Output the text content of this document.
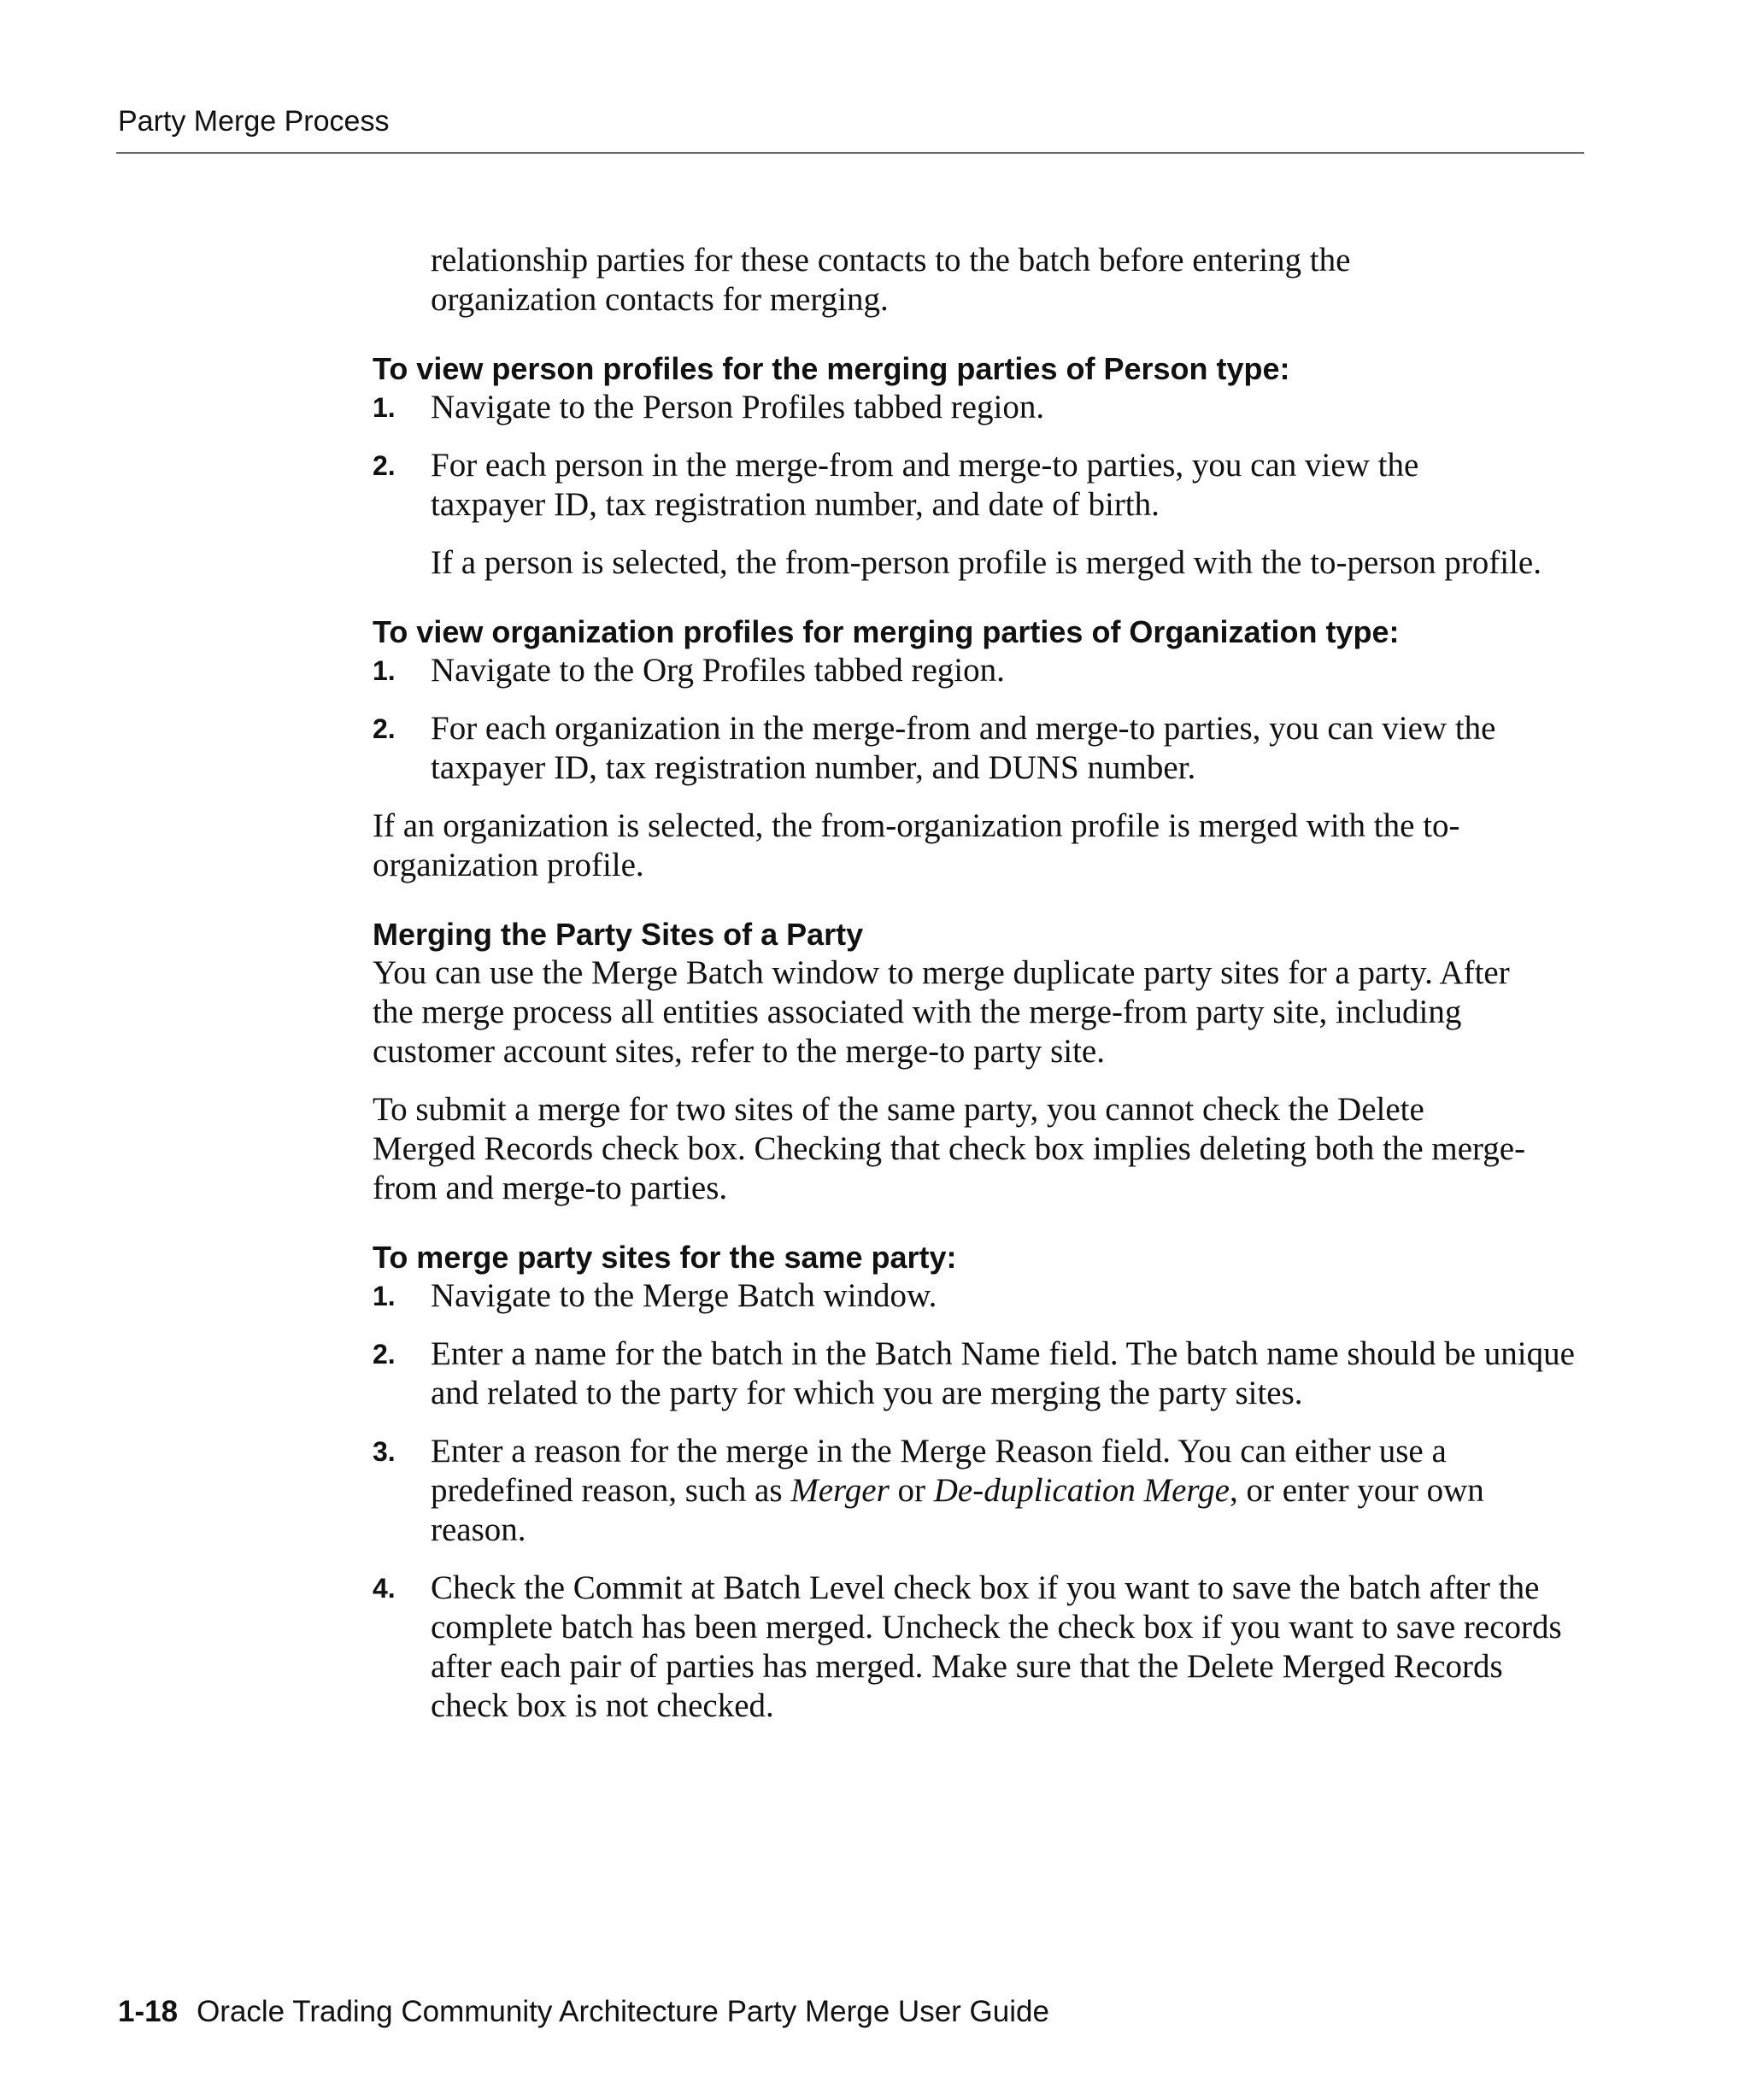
Party Merge Process

relationship parties for these contacts to the batch before entering the organization contacts for merging.

To view person profiles for the merging parties of Person type:
1.	Navigate to the Person Profiles tabbed region.
2.	For each person in the merge-from and merge-to parties, you can view the taxpayer ID, tax registration number, and date of birth.

If a person is selected, the from-person profile is merged with the to-person profile.

To view organization profiles for merging parties of Organization type:
1.	Navigate to the Org Profiles tabbed region.
2.	For each organization in the merge-from and merge-to parties, you can view the taxpayer ID, tax registration number, and DUNS number.

If an organization is selected, the from-organization profile is merged with the to-organization profile.

Merging the Party Sites of a Party

You can use the Merge Batch window to merge duplicate party sites for a party. After the merge process all entities associated with the merge-from party site, including customer account sites, refer to the merge-to party site.

To submit a merge for two sites of the same party, you cannot check the Delete Merged Records check box. Checking that check box implies deleting both the merge-from and merge-to parties.

To merge party sites for the same party:
1.	Navigate to the Merge Batch window.
2.	Enter a name for the batch in the Batch Name field. The batch name should be unique and related to the party for which you are merging the party sites.
3.	Enter a reason for the merge in the Merge Reason field. You can either use a predefined reason, such as Merger or De-duplication Merge, or enter your own reason.
4.	Check the Commit at Batch Level check box if you want to save the batch after the complete batch has been merged. Uncheck the check box if you want to save records after each pair of parties has merged. Make sure that the Delete Merged Records check box is not checked.
1-18 Oracle Trading Community Architecture Party Merge User Guide
